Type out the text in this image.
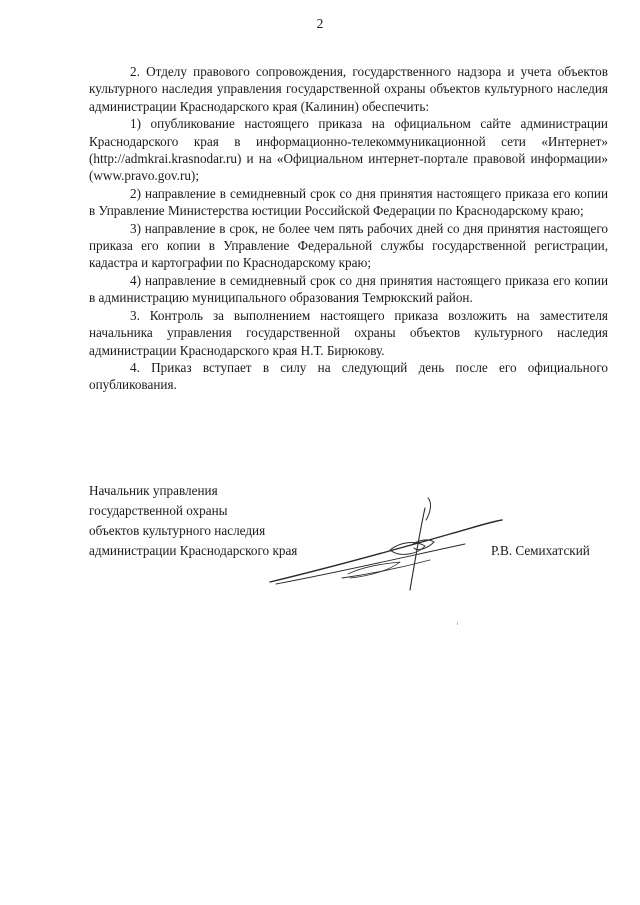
2

2. Отделу правового сопровождения, государственного надзора и учета объектов культурного наследия управления государственной охраны объектов культурного наследия администрации Краснодарского края (Калинин) обеспечить:

1) опубликование настоящего приказа на официальном сайте администрации Краснодарского края в информационно-телекоммуникационной сети «Интернет» (http://admkrai.krasnodar.ru) и на «Официальном интернет-портале правовой информации» (www.pravo.gov.ru);

2) направление в семидневный срок со дня принятия настоящего приказа его копии в Управление Министерства юстиции Российской Федерации по Краснодарскому краю;

3) направление в срок, не более чем пять рабочих дней со дня принятия настоящего приказа его копии в Управление Федеральной службы государственной регистрации, кадастра и картографии по Краснодарскому краю;

4) направление в семидневный срок со дня принятия настоящего приказа его копии в администрацию муниципального образования Темрюкский район.

3. Контроль за выполнением настоящего приказа возложить на заместителя начальника управления государственной охраны объектов культурного наследия администрации Краснодарского края Н.Т. Бирюкову.

4. Приказ вступает в силу на следующий день после его официального опубликования.

Начальник управления
государственной охраны
объектов культурного наследия
администрации Краснодарского края	Р.В. Семихатский
